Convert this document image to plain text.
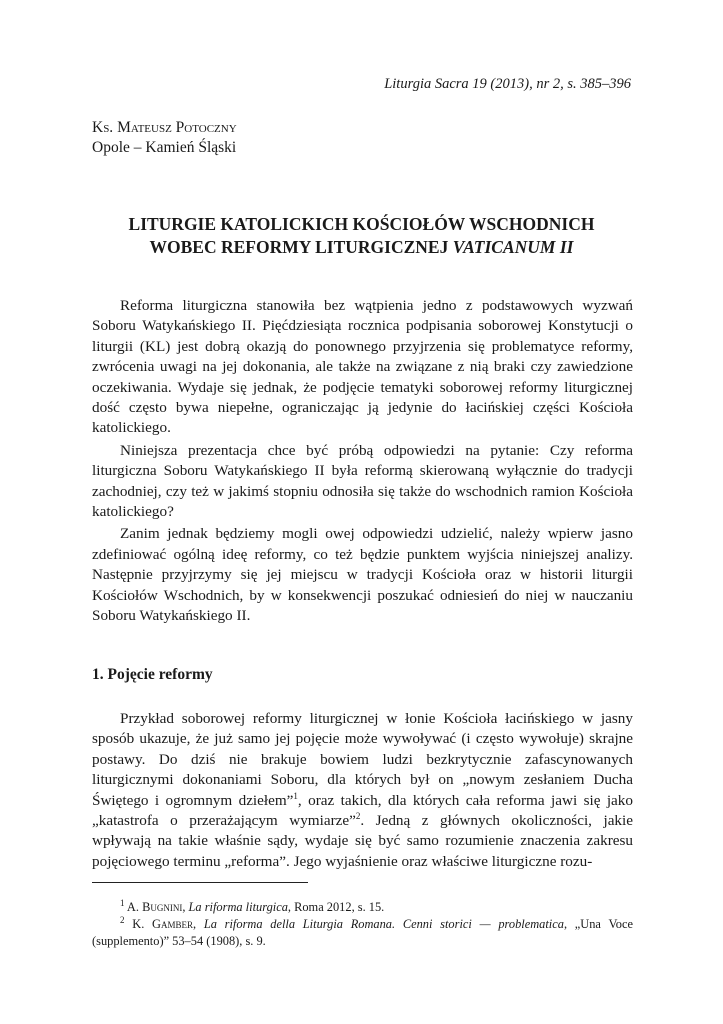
Liturgia Sacra 19 (2013), nr 2, s. 385–396
Ks. Mateusz Potoczny
Opole – Kamień Śląski
LITURGIE KATOLICKICH KOŚCIOŁÓW WSCHODNICH
WOBEC REFORMY LITURGICZNEJ VATICANUM II

Reforma liturgiczna stanowiła bez wątpienia jedno z podstawowych wyzwań Soboru Watykańskiego II. Pięćdziesiąta rocznica podpisania soborowej Konstytucji o liturgii (KL) jest dobrą okazją do ponownego przyjrzenia się problematyce reformy, zwrócenia uwagi na jej dokonania, ale także na związane z nią braki czy zawiedzione oczekiwania. Wydaje się jednak, że podjęcie tematyki soborowej reformy liturgicznej dość często bywa niepełne, ograniczając ją jedynie do łacińskiej części Kościoła katolickiego.

Niniejsza prezentacja chce być próbą odpowiedzi na pytanie: Czy reforma liturgiczna Soboru Watykańskiego II była reformą skierowaną wyłącznie do tradycji zachodniej, czy też w jakimś stopniu odnosiła się także do wschodnich ramion Kościoła katolickiego?

Zanim jednak będziemy mogli owej odpowiedzi udzielić, należy wpierw jasno zdefiniować ogólną ideę reformy, co też będzie punktem wyjścia niniejszej analizy. Następnie przyjrzymy się jej miejscu w tradycji Kościoła oraz w historii liturgii Kościołów Wschodnich, by w konsekwencji poszukać odniesień do niej w nauczaniu Soboru Watykańskiego II.

1. Pojęcie reformy

Przykład soborowej reformy liturgicznej w łonie Kościoła łacińskiego w jasny sposób ukazuje, że już samo jej pojęcie może wywoływać (i często wywołuje) skrajne postawy. Do dziś nie brakuje bowiem ludzi bezkrytycznie zafascynowanych liturgicznymi dokonaniami Soboru, dla których był on „nowym zesłaniem Ducha Świętego i ogromnym dziełem”$^1$, oraz takich, dla których cała reforma jawi się jako „katastrofa o przerażającym wymiarze”$^2$. Jedną z głównych okoliczności, jakie wpływają na takie właśnie sądy, wydaje się być samo rozumienie znaczenia zakresu pojęciowego terminu „reforma”. Jego wyjaśnienie oraz właściwe liturgiczne rozu-

$^1$ A. Bugnini, La riforma liturgica, Roma 2012, s. 15.

$^2$ K. Gamber, La riforma della Liturgia Romana. Cenni storici — problematica, „Una Voce (supplemento)” 53–54 (1908), s. 9.
